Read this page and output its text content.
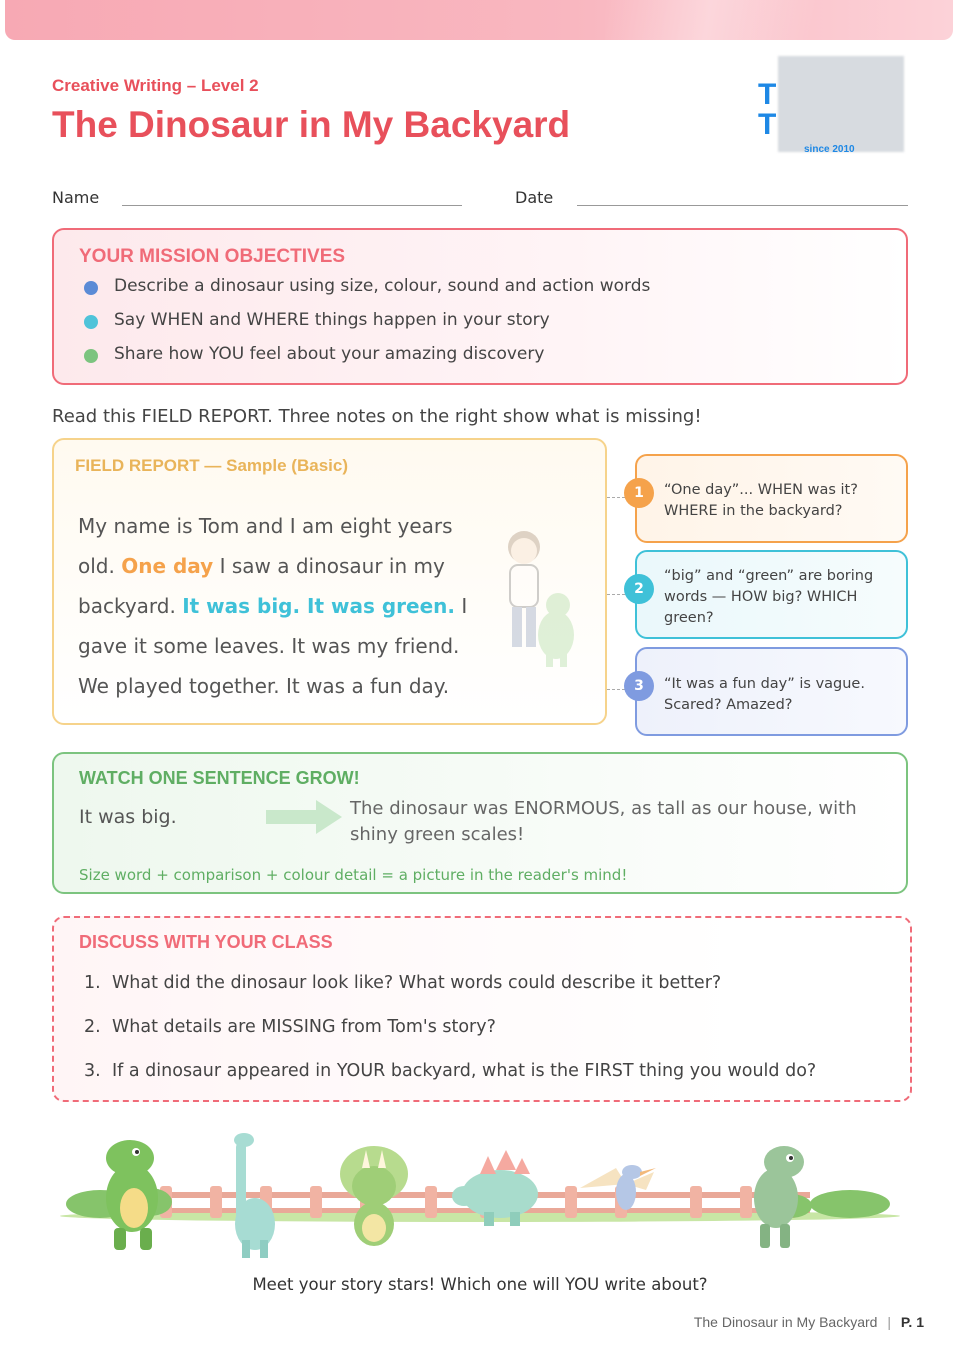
Creative Writing – Level 2
The Dinosaur in My Backyard
T
T
since 2010
Name	Date
YOUR MISSION OBJECTIVES
Describe a dinosaur using size, colour, sound and action words
Say WHEN and WHERE things happen in your story
Share how YOU feel about your amazing discovery
Read this FIELD REPORT. Three notes on the right show what is missing!
FIELD REPORT — Sample (Basic)
My name is Tom and I am eight years
old. One day I saw a dinosaur in my
backyard. It was big. It was green. I
gave it some leaves. It was my friend.
We played together. It was a fun day.
“One day”... WHEN was it? WHERE in the backyard?
1
“big” and “green” are boring words — HOW big? WHICH green?
2
“It was a fun day” is vague. Scared? Amazed?
3
WATCH ONE SENTENCE GROW!
It was big.	The dinosaur was ENORMOUS, as tall as our house, with shiny green scales!
Size word + comparison + colour detail = a picture in the reader's mind!
DISCUSS WITH YOUR CLASS
1. What did the dinosaur look like? What words could describe it better?
2. What details are MISSING from Tom's story?
3. If a dinosaur appeared in YOUR backyard, what is the FIRST thing you would do?
Meet your story stars! Which one will YOU write about?
The Dinosaur in My Backyard | P. 1
